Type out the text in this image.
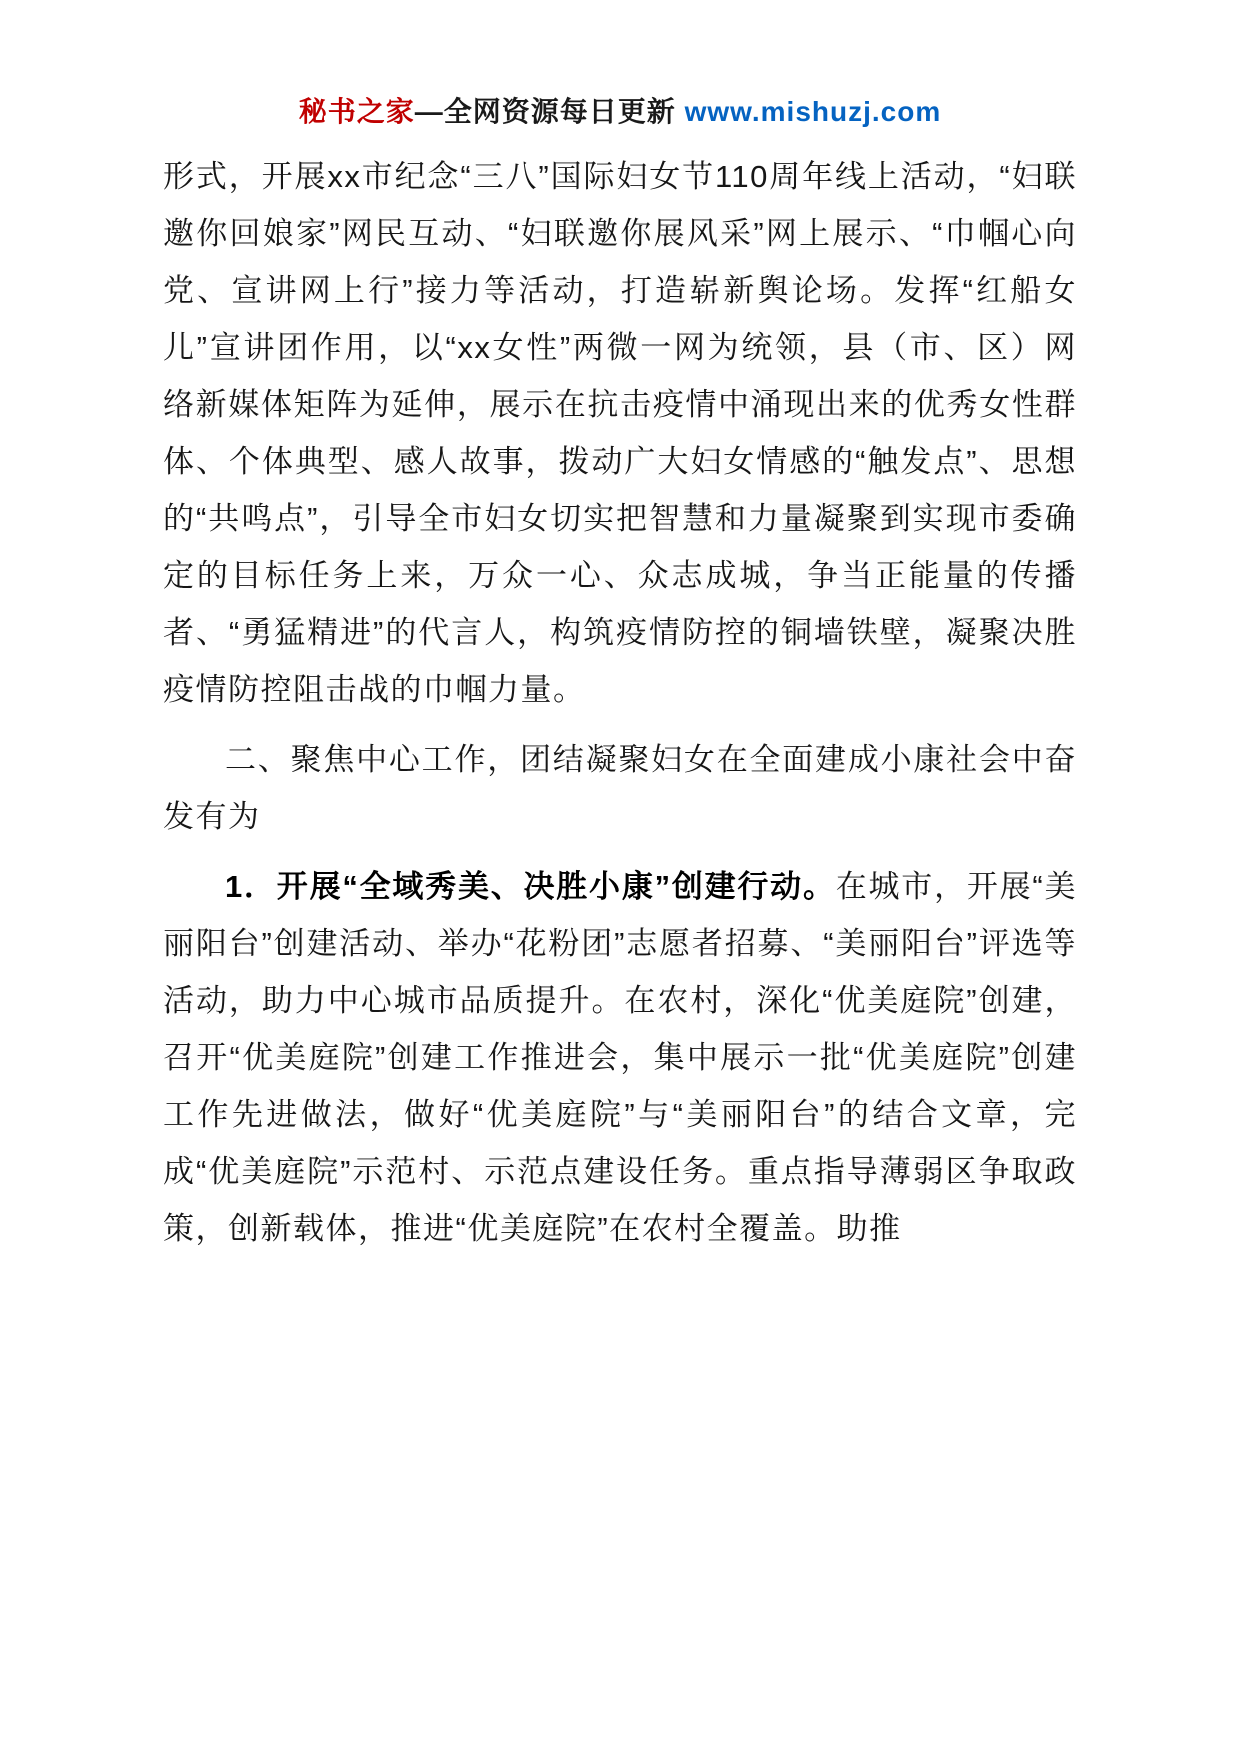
秘书之家—全网资源每日更新 www.mishuzj.com

形式，开展xx市纪念“三八”国际妇女节110周年线上活动，“妇联邀你回娘家”网民互动、“妇联邀你展风采”网上展示、“巾帼心向党、宣讲网上行”接力等活动，打造崭新舆论场。发挥“红船女儿”宣讲团作用，以“xx女性”两微一网为统领，县（市、区）网络新媒体矩阵为延伸，展示在抗击疫情中涌现出来的优秀女性群体、个体典型、感人故事，拨动广大妇女情感的“触发点”、思想的“共鸣点”，引导全市妇女切实把智慧和力量凝聚到实现市委确定的目标任务上来，万众一心、众志成城，争当正能量的传播者、“勇猛精进”的代言人，构筑疫情防控的铜墙铁壁，凝聚决胜疫情防控阻击战的巾帼力量。

二、聚焦中心工作，团结凝聚妇女在全面建成小康社会中奋发有为

1．开展“全域秀美、决胜小康”创建行动。在城市，开展“美丽阳台”创建活动、举办“花粉团”志愿者招募、“美丽阳台”评选等活动，助力中心城市品质提升。在农村，深化“优美庭院”创建，召开“优美庭院”创建工作推进会，集中展示一批“优美庭院”创建工作先进做法，做好“优美庭院”与“美丽阳台”的结合文章，完成“优美庭院”示范村、示范点建设任务。重点指导薄弱区争取政策，创新载体，推进“优美庭院”在农村全覆盖。助推
